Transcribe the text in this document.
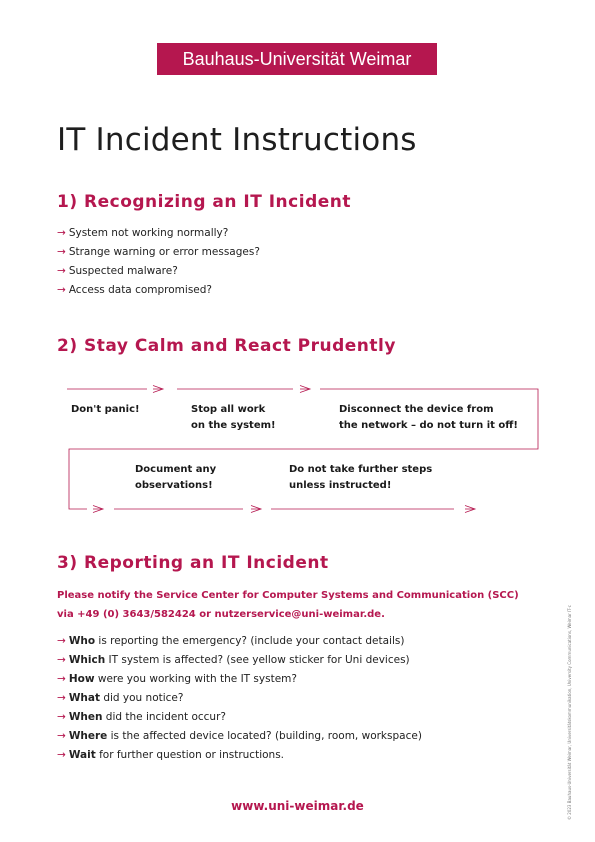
Bauhaus-Universität Weimar
IT Incident Instructions
1) Recognizing an IT Incident
→ System not working normally?
→ Strange warning or error messages?
→ Suspected malware?
→ Access data compromised?
2) Stay Calm and React Prudently
Don't panic!	Stop all work
on the system!
Disconnect the device from
the network – do not turn it off!
Document any
observations!
Do not take further steps
unless instructed!
3) Reporting an IT Incident
Please notify the Service Center for Computer Systems and Communication (SCC)
via +49 (0) 3643/582424 or nutzerservice@uni-weimar.de.
→ Who is reporting the emergency? (include your contact details)
→ Which IT system is affected? (see yellow sticker for Uni devices)
→ How were you working with the IT system?
→ What did you notice?
→ When did the incident occur?
→ Where is the affected device located? (building, room, workspace)
→ Wait for further question or instructions.
www.uni-weimar.de	© 2023 Bauhaus-Universität Weimar, Universitätskommunikation, University Communications, Weimar IT-c
